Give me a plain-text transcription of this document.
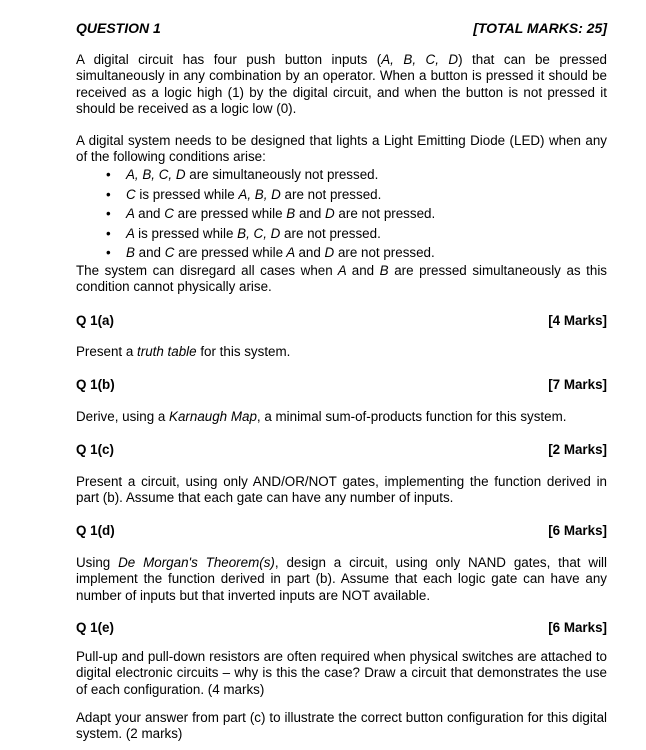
QUESTION 1	[TOTAL MARKS: 25]
A digital circuit has four push button inputs (A, B, C, D) that can be pressed simultaneously in any combination by an operator. When a button is pressed it should be received as a logic high (1) by the digital circuit, and when the button is not pressed it should be received as a logic low (0).
A digital system needs to be designed that lights a Light Emitting Diode (LED) when any of the following conditions arise:
• A, B, C, D are simultaneously not pressed.
• C is pressed while A, B, D are not pressed.
• A and C are pressed while B and D are not pressed.
• A is pressed while B, C, D are not pressed.
• B and C are pressed while A and D are not pressed.
The system can disregard all cases when A and B are pressed simultaneously as this condition cannot physically arise.
Q 1(a)	[4 Marks]
Present a truth table for this system.
Q 1(b)	[7 Marks]
Derive, using a Karnaugh Map, a minimal sum-of-products function for this system.
Q 1(c)	[2 Marks]
Present a circuit, using only AND/OR/NOT gates, implementing the function derived in part (b). Assume that each gate can have any number of inputs.
Q 1(d)	[6 Marks]
Using De Morgan's Theorem(s), design a circuit, using only NAND gates, that will implement the function derived in part (b). Assume that each logic gate can have any number of inputs but that inverted inputs are NOT available.
Q 1(e)	[6 Marks]
Pull-up and pull-down resistors are often required when physical switches are attached to digital electronic circuits – why is this the case? Draw a circuit that demonstrates the use of each configuration. (4 marks)
Adapt your answer from part (c) to illustrate the correct button configuration for this digital system. (2 marks)
